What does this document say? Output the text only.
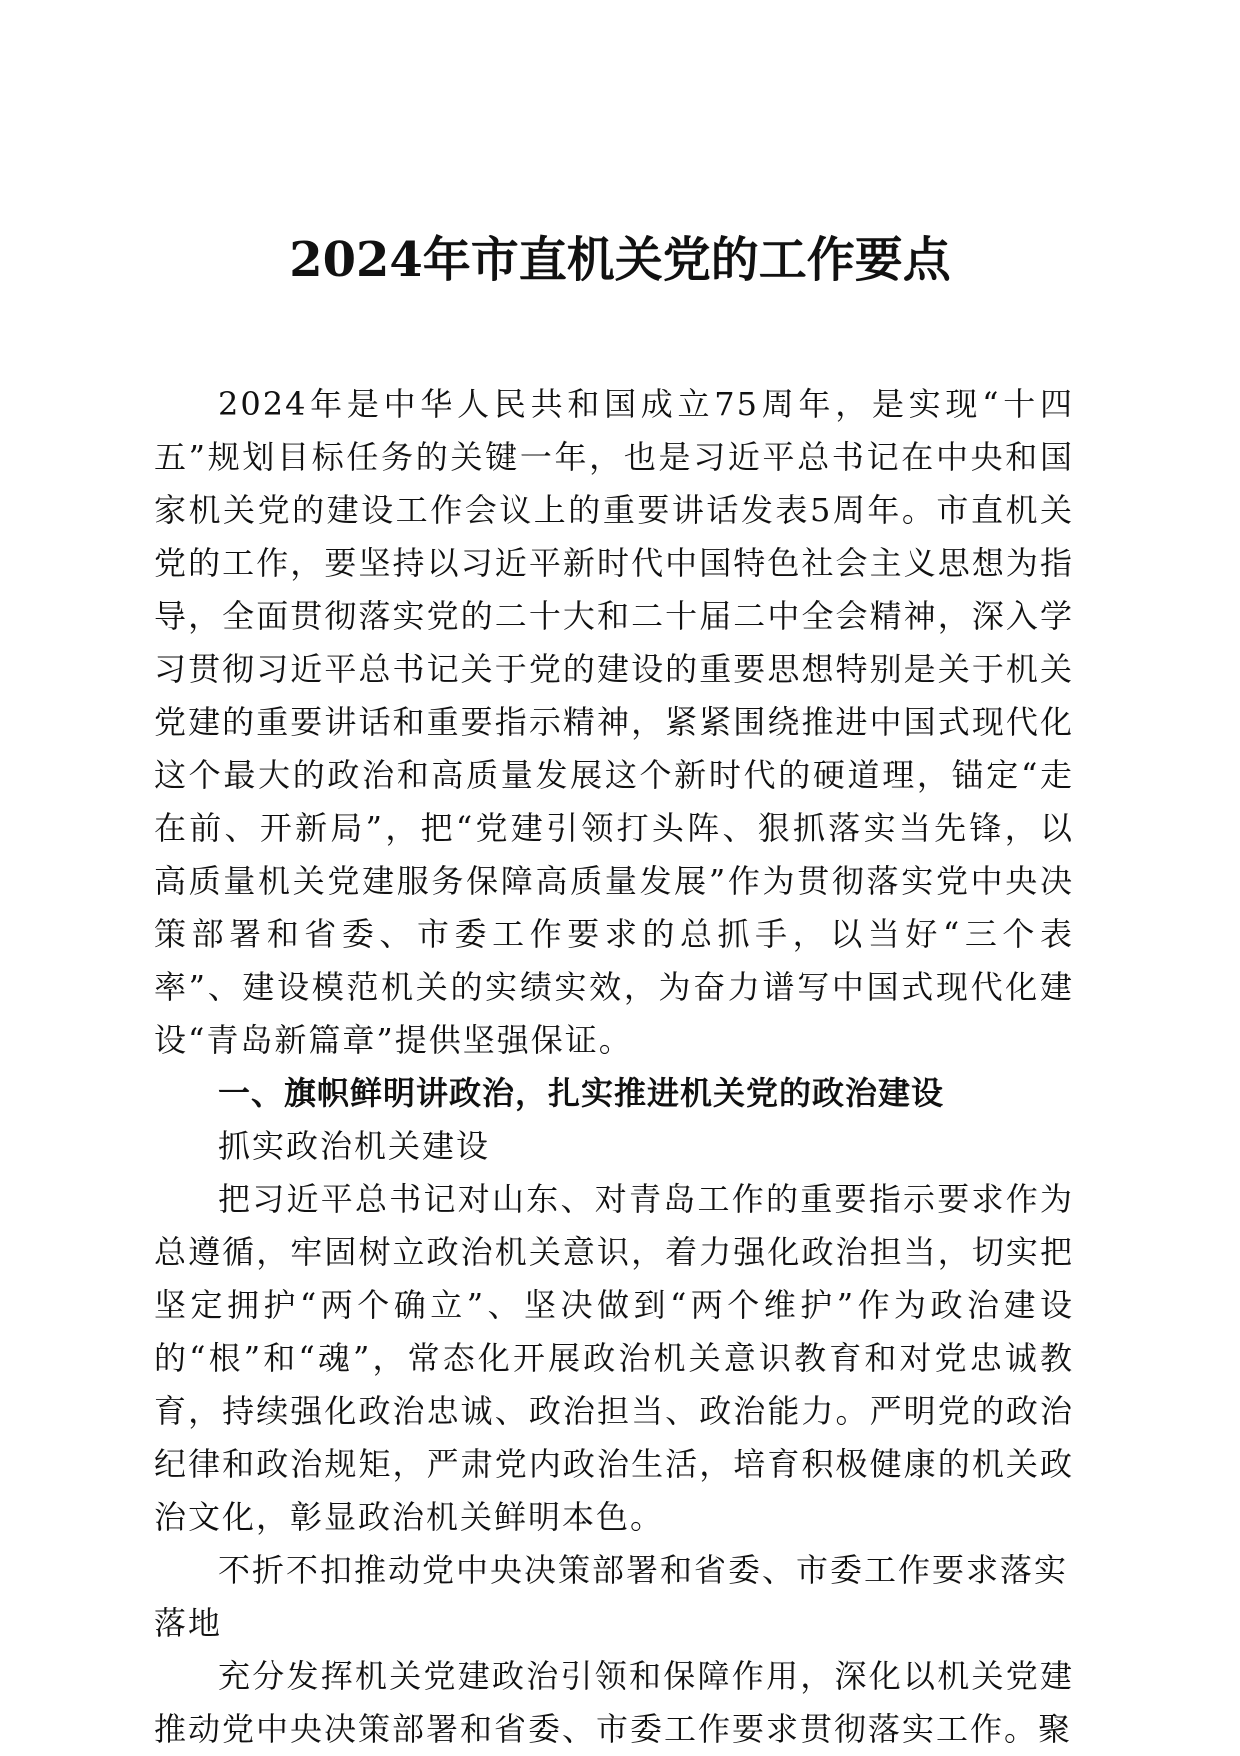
2024年市直机关党的工作要点

2024年是中华人民共和国成立75周年，是实现“十四五”规划目标任务的关键一年，也是习近平总书记在中央和国家机关党的建设工作会议上的重要讲话发表5周年。市直机关党的工作，要坚持以习近平新时代中国特色社会主义思想为指导，全面贯彻落实党的二十大和二十届二中全会精神，深入学习贯彻习近平总书记关于党的建设的重要思想特别是关于机关党建的重要讲话和重要指示精神，紧紧围绕推进中国式现代化这个最大的政治和高质量发展这个新时代的硬道理，锚定“走在前、开新局”，把“党建引领打头阵、狠抓落实当先锋，以高质量机关党建服务保障高质量发展”作为贯彻落实党中央决策部署和省委、市委工作要求的总抓手，以当好“三个表率”、建设模范机关的实绩实效，为奋力谱写中国式现代化建设“青岛新篇章”提供坚强保证。

一、旗帜鲜明讲政治，扎实推进机关党的政治建设

抓实政治机关建设

把习近平总书记对山东、对青岛工作的重要指示要求作为总遵循，牢固树立政治机关意识，着力强化政治担当，切实把坚定拥护“两个确立”、坚决做到“两个维护”作为政治建设的“根”和“魂”，常态化开展政治机关意识教育和对党忠诚教育，持续强化政治忠诚、政治担当、政治能力。严明党的政治纪律和政治规矩，严肃党内政治生活，培育积极健康的机关政治文化，彰显政治机关鲜明本色。

不折不扣推动党中央决策部署和省委、市委工作要求落实落地

充分发挥机关党建政治引领和保障作用，深化以机关党建推动党中央决策部署和省委、市委工作要求贯彻落实工作。聚
